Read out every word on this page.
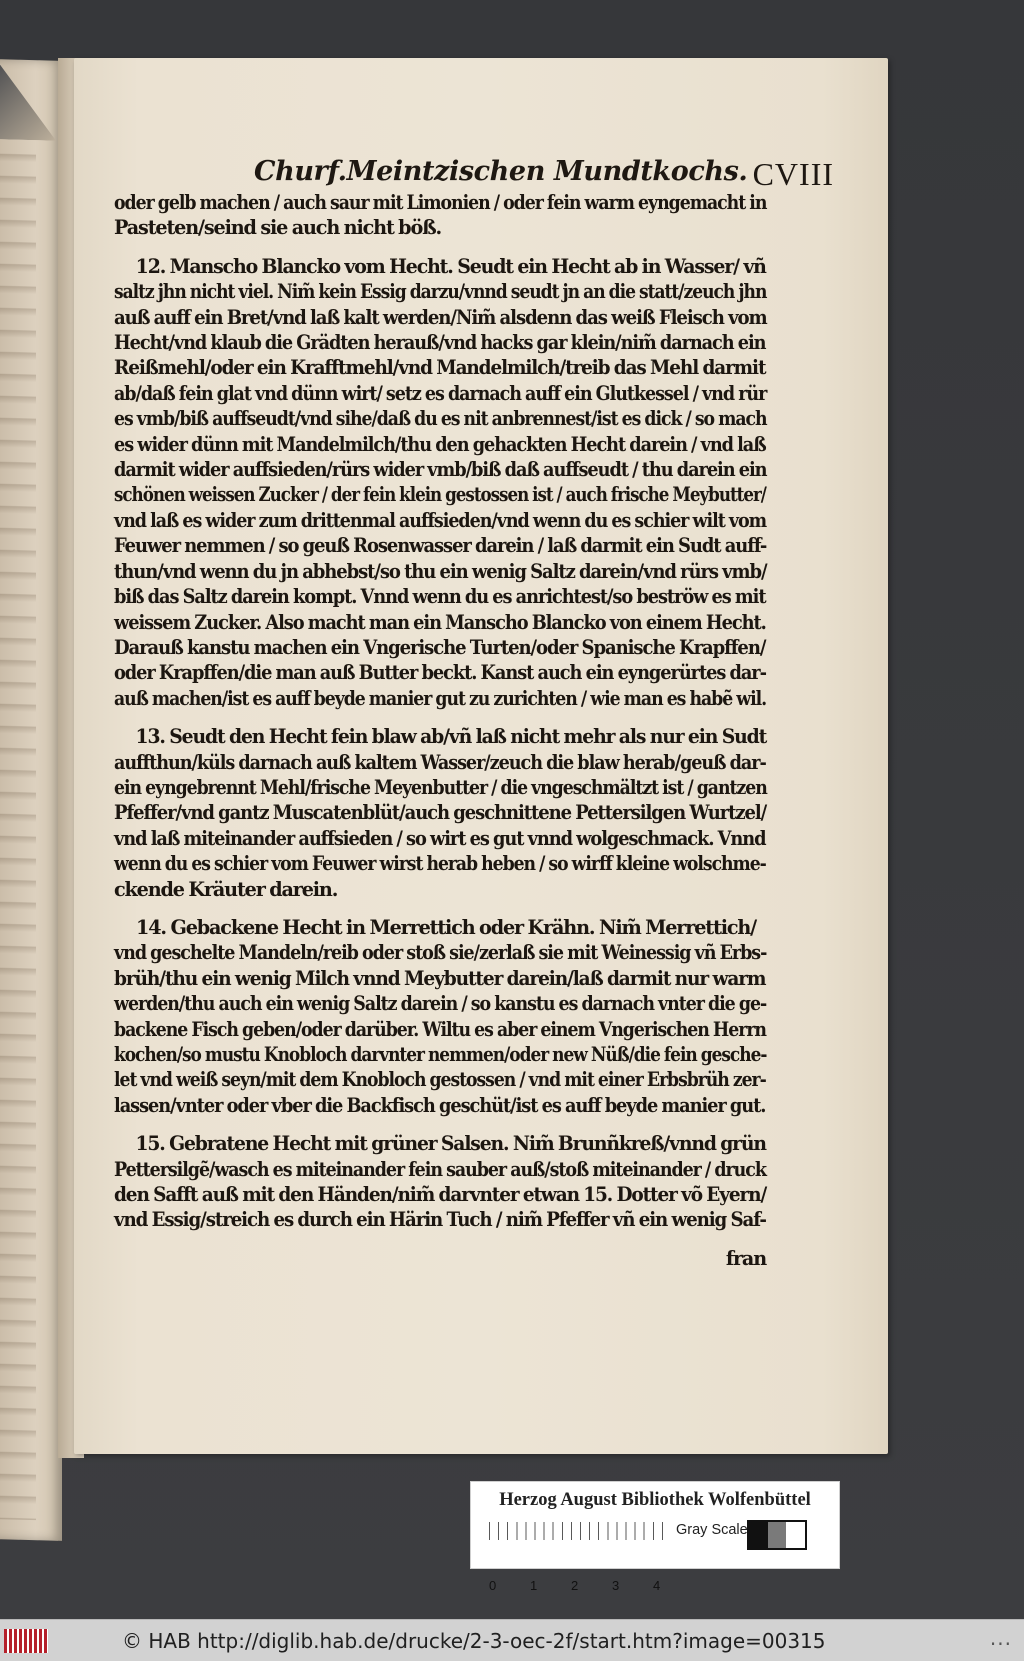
Churf.Meintzischen Mundtkochs. CVIII
oder gelb machen / auch saur mit Limonien / oder fein warm eyngemacht in
Pasteten/seind sie auch nicht böß.
12. Manscho Blancko vom Hecht. Seudt ein Hecht ab in Wasser/ vñ
saltz jhn nicht viel. Nim̃ kein Essig darzu/vnnd seudt jn an die statt/zeuch jhn
auß auff ein Bret/vnd laß kalt werden/Nim̃ alsdenn das weiß Fleisch vom
Hecht/vnd klaub die Grädten herauß/vnd hacks gar klein/nim̃ darnach ein
Reißmehl/oder ein Krafftmehl/vnd Mandelmilch/treib das Mehl darmit
ab/daß fein glat vnd dünn wirt/ setz es darnach auff ein Glutkessel / vnd rür
es vmb/biß auffseudt/vnd sihe/daß du es nit anbrennest/ist es dick / so mach
es wider dünn mit Mandelmilch/thu den gehackten Hecht darein / vnd laß
darmit wider auffsieden/rürs wider vmb/biß daß auffseudt / thu darein ein
schönen weissen Zucker / der fein klein gestossen ist / auch frische Meybutter/
vnd laß es wider zum drittenmal auffsieden/vnd wenn du es schier wilt vom
Feuwer nemmen / so geuß Rosenwasser darein / laß darmit ein Sudt auff-
thun/vnd wenn du jn abhebst/so thu ein wenig Saltz darein/vnd rürs vmb/
biß das Saltz darein kompt. Vnnd wenn du es anrichtest/so beströw es mit
weissem Zucker. Also macht man ein Manscho Blancko von einem Hecht.
Darauß kanstu machen ein Vngerische Turten/oder Spanische Krapffen/
oder Krapffen/die man auß Butter beckt. Kanst auch ein eyngerürtes dar-
auß machen/ist es auff beyde manier gut zu zurichten / wie man es habẽ wil.
13. Seudt den Hecht fein blaw ab/vñ laß nicht mehr als nur ein Sudt
auffthun/küls darnach auß kaltem Wasser/zeuch die blaw herab/geuß dar-
ein eyngebrennt Mehl/frische Meyenbutter / die vngeschmältzt ist / gantzen
Pfeffer/vnd gantz Muscatenblüt/auch geschnittene Pettersilgen Wurtzel/
vnd laß miteinander auffsieden / so wirt es gut vnnd wolgeschmack. Vnnd
wenn du es schier vom Feuwer wirst herab heben / so wirff kleine wolschme-
ckende Kräuter darein.
14. Gebackene Hecht in Merrettich oder Krähn. Nim̃ Merrettich/
vnd geschelte Mandeln/reib oder stoß sie/zerlaß sie mit Weinessig vñ Erbs-
brüh/thu ein wenig Milch vnnd Meybutter darein/laß darmit nur warm
werden/thu auch ein wenig Saltz darein / so kanstu es darnach vnter die ge-
backene Fisch geben/oder darüber. Wiltu es aber einem Vngerischen Herrn
kochen/so mustu Knobloch darvnter nemmen/oder new Nüß/die fein gesche-
let vnd weiß seyn/mit dem Knobloch gestossen / vnd mit einer Erbsbrüh zer-
lassen/vnter oder vber die Backfisch geschüt/ist es auff beyde manier gut.
15. Gebratene Hecht mit grüner Salsen. Nim̃ Brunñkreß/vnnd grün
Pettersilgẽ/wasch es miteinander fein sauber auß/stoß miteinander / druck
den Safft auß mit den Händen/nim̃ darvnter etwan 15. Dotter võ Eyern/
vnd Essig/streich es durch ein Härin Tuch / nim̃ Pfeffer vñ ein wenig Saf-
fran
Herzog August Bibliothek Wolfenbüttel
0	1	2	3	4
Gray Scale
© HAB http://diglib.hab.de/drucke/2-3-oec-2f/start.htm?image=00315	...
